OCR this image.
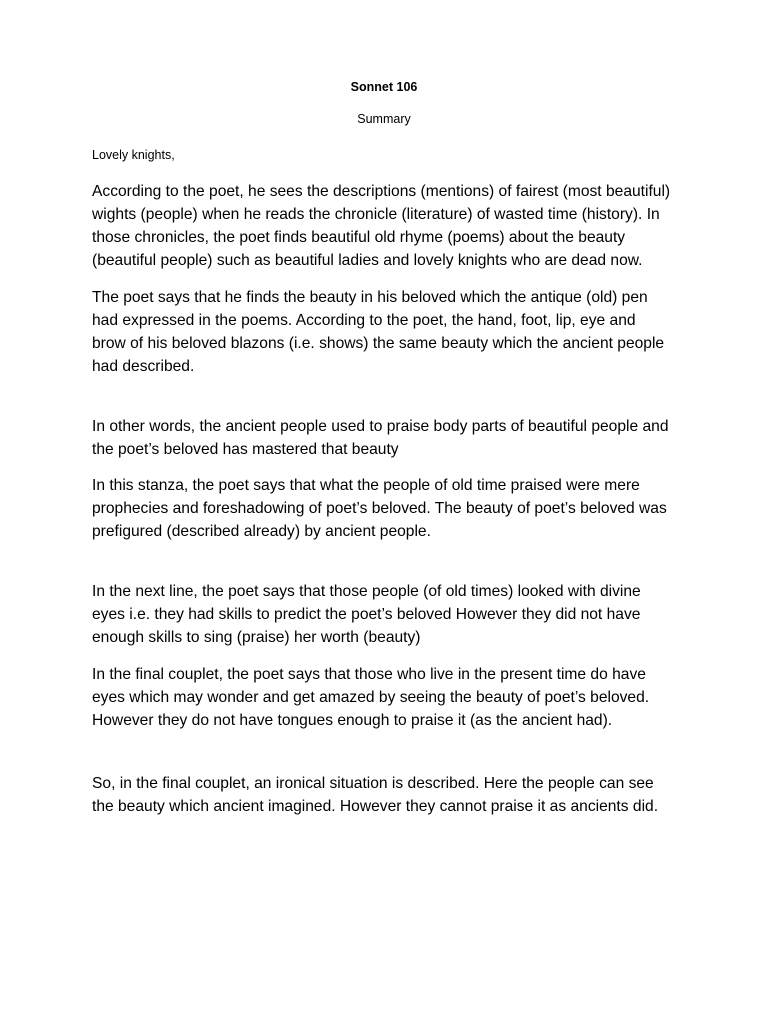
Sonnet 106
Summary
Lovely knights,
According to the poet, he sees the descriptions (mentions) of fairest (most beautiful) wights (people) when he reads the chronicle (literature) of wasted time (history). In those chronicles, the poet finds beautiful old rhyme (poems) about the beauty (beautiful people) such as beautiful ladies and lovely knights who are dead now.
The poet says that he finds the beauty in his beloved which the antique (old) pen had expressed in the poems. According to the poet, the hand, foot, lip, eye and brow of his beloved blazons (i.e. shows) the same beauty which the ancient people had described.
In other words, the ancient people used to praise body parts of beautiful people and the poet’s beloved has mastered that beauty
In this stanza, the poet says that what the people of old time praised were mere prophecies and foreshadowing of poet’s beloved. The beauty of poet’s beloved was prefigured (described already) by ancient people.
In the next line, the poet says that those people (of old times) looked with divine eyes i.e. they had skills to predict the poet’s beloved However they did not have enough skills to sing (praise) her worth (beauty)
In the final couplet, the poet says that those who live in the present time do have eyes which may wonder and get amazed by seeing the beauty of poet’s beloved. However they do not have tongues enough to praise it (as the ancient had).
So, in the final couplet, an ironical situation is described. Here the people can see the beauty which ancient imagined. However they cannot praise it as ancients did.
